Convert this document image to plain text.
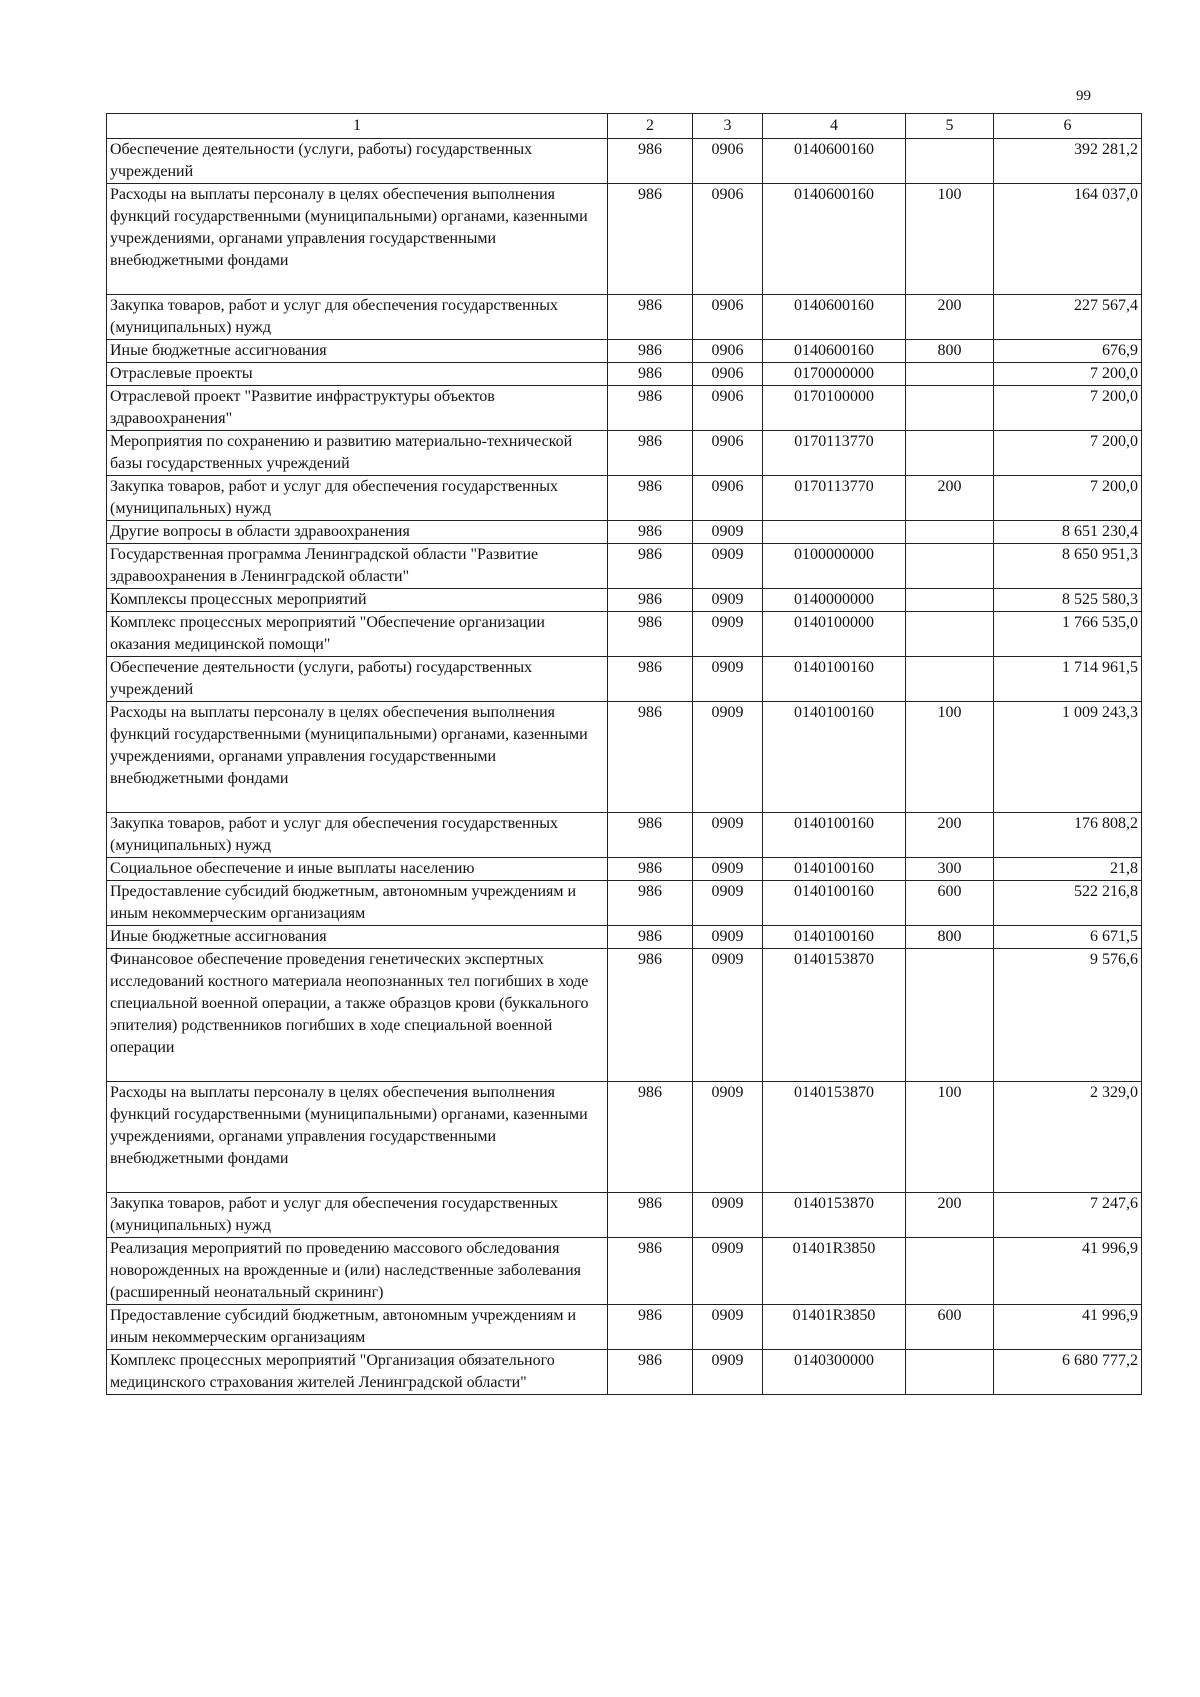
99
1	2	3	4	5	6
Обеспечение деятельности (услуги, работы) государственных учреждений	986	0906	0140600160		392 281,2
Расходы на выплаты персоналу в целях обеспечения выполнения функций государственными (муниципальными) органами, казенными учреждениями, органами управления государственными внебюджетными фондами	986	0906	0140600160	100	164 037,0
Закупка товаров, работ и услуг для обеспечения государственных (муниципальных) нужд	986	0906	0140600160	200	227 567,4
Иные бюджетные ассигнования	986	0906	0140600160	800	676,9
Отраслевые проекты	986	0906	0170000000		7 200,0
Отраслевой проект "Развитие инфраструктуры объектов здравоохранения"	986	0906	0170100000		7 200,0
Мероприятия по сохранению и развитию материально-технической базы государственных учреждений	986	0906	0170113770		7 200,0
Закупка товаров, работ и услуг для обеспечения государственных (муниципальных) нужд	986	0906	0170113770	200	7 200,0
Другие вопросы в области здравоохранения	986	0909			8 651 230,4
Государственная программа Ленинградской области "Развитие здравоохранения в Ленинградской области"	986	0909	0100000000		8 650 951,3
Комплексы процессных мероприятий	986	0909	0140000000		8 525 580,3
Комплекс процессных мероприятий "Обеспечение организации оказания медицинской помощи"	986	0909	0140100000		1 766 535,0
Обеспечение деятельности (услуги, работы) государственных учреждений	986	0909	0140100160		1 714 961,5
Расходы на выплаты персоналу в целях обеспечения выполнения функций государственными (муниципальными) органами, казенными учреждениями, органами управления государственными внебюджетными фондами	986	0909	0140100160	100	1 009 243,3
Закупка товаров, работ и услуг для обеспечения государственных (муниципальных) нужд	986	0909	0140100160	200	176 808,2
Социальное обеспечение и иные выплаты населению	986	0909	0140100160	300	21,8
Предоставление субсидий бюджетным, автономным учреждениям и иным некоммерческим организациям	986	0909	0140100160	600	522 216,8
Иные бюджетные ассигнования	986	0909	0140100160	800	6 671,5
Финансовое обеспечение проведения генетических экспертных исследований костного материала неопознанных тел погибших в ходе специальной военной операции, а также образцов крови (буккального эпителия) родственников погибших в ходе специальной военной операции	986	0909	0140153870		9 576,6
Расходы на выплаты персоналу в целях обеспечения выполнения функций государственными (муниципальными) органами, казенными учреждениями, органами управления государственными внебюджетными фондами	986	0909	0140153870	100	2 329,0
Закупка товаров, работ и услуг для обеспечения государственных (муниципальных) нужд	986	0909	0140153870	200	7 247,6
Реализация мероприятий по проведению массового обследования новорожденных на врожденные и (или) наследственные заболевания (расширенный неонатальный скрининг)	986	0909	01401R3850		41 996,9
Предоставление субсидий бюджетным, автономным учреждениям и иным некоммерческим организациям	986	0909	01401R3850	600	41 996,9
Комплекс процессных мероприятий "Организация обязательного медицинского страхования жителей Ленинградской области"	986	0909	0140300000		6 680 777,2
